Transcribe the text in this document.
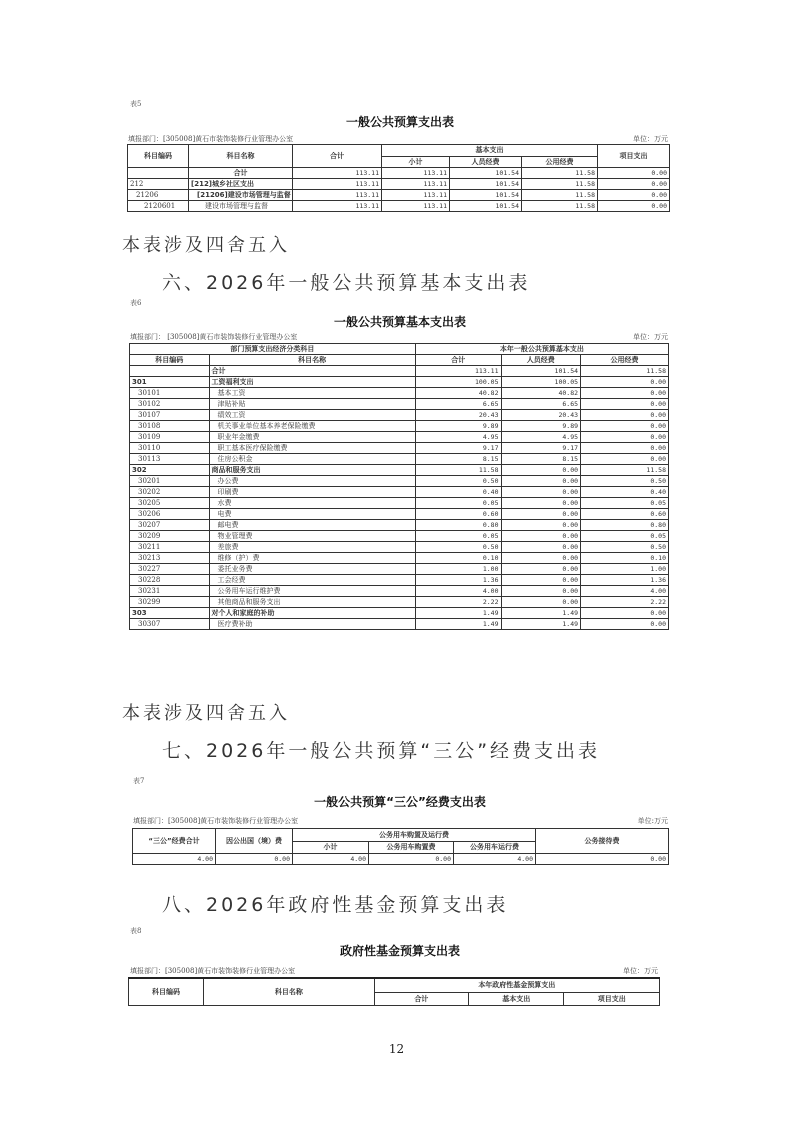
表5
一般公共预算支出表
填报部门：[305008]黄石市装饰装修行业管理办公室	单位：万元
科目编码	科目名称	合计	基本支出			项目支出
			小计	人员经费	公用经费	
	合计	113.11	113.11	101.54	11.58	0.00
212	[212]城乡社区支出	113.11	113.11	101.54	11.58	0.00
21206	[21206]建设市场管理与监督	113.11	113.11	101.54	11.58	0.00
2120601	建设市场管理与监督	113.11	113.11	101.54	11.58	0.00
本表涉及四舍五入
六、2026年一般公共预算基本支出表
表6
一般公共预算基本支出表
填报部门： [305008]黄石市装饰装修行业管理办公室	单位：万元
部门预算支出经济分类科目		本年一般公共预算基本支出		
科目编码	科目名称	合计	人员经费	公用经费
	合计	113.11	101.54	11.58
301	工资福利支出	100.05	100.05	0.00
30101	基本工资	40.82	40.82	0.00
30102	津贴补贴	6.65	6.65	0.00
30107	绩效工资	20.43	20.43	0.00
30108	机关事业单位基本养老保险缴费	9.89	9.89	0.00
30109	职业年金缴费	4.95	4.95	0.00
30110	职工基本医疗保险缴费	9.17	9.17	0.00
30113	住房公积金	8.15	8.15	0.00
302	商品和服务支出	11.58	0.00	11.58
30201	办公费	0.50	0.00	0.50
30202	印刷费	0.40	0.00	0.40
30205	水费	0.05	0.00	0.05
30206	电费	0.60	0.00	0.60
30207	邮电费	0.80	0.00	0.80
30209	物业管理费	0.05	0.00	0.05
30211	差旅费	0.50	0.00	0.50
30213	维修（护）费	0.10	0.00	0.10
30227	委托业务费	1.00	0.00	1.00
30228	工会经费	1.36	0.00	1.36
30231	公务用车运行维护费	4.00	0.00	4.00
30299	其他商品和服务支出	2.22	0.00	2.22
303	对个人和家庭的补助	1.49	1.49	0.00
30307	医疗费补助	1.49	1.49	0.00
本表涉及四舍五入
七、2026年一般公共预算“三公”经费支出表
表7
一般公共预算“三公”经费支出表
填报部门：[305008]黄石市装饰装修行业管理办公室	单位:万元
“三公”经费合计	因公出国（境）费	公务用车购置及运行费			公务接待费
		小计	公务用车购置费	公务用车运行费	
4.00	0.00	4.00	0.00	4.00	0.00
八、2026年政府性基金预算支出表
表8
政府性基金预算支出表
填报部门：[305008]黄石市装饰装修行业管理办公室	单位：万元
科目编码	科目名称	本年政府性基金预算支出		
		合计	基本支出	项目支出
12
